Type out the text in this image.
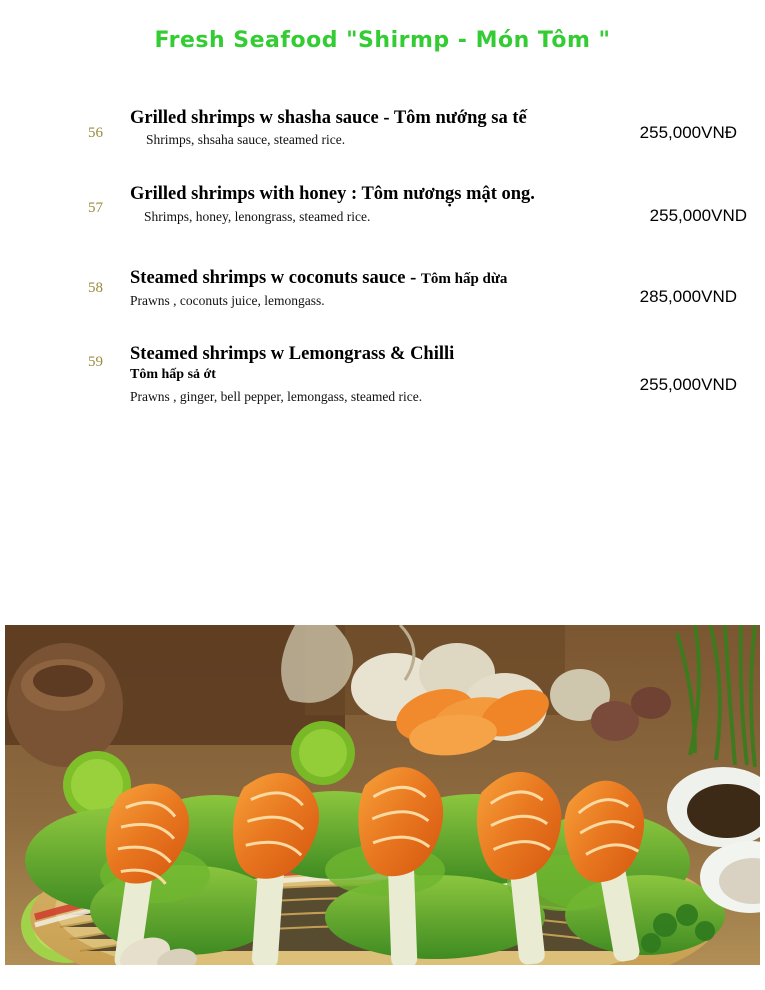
Fresh Seafood "Shirmp - Món Tôm "
56
Grilled shrimps w shasha sauce - Tôm nướng sa tế
Shrimps, shsaha sauce, steamed rice.	255,000VNĐ
57
Grilled shrimps with honey : Tôm nương̣s mật ong.
Shrimps, honey, lenongrass, steamed rice.	255,000VND
58 Steamed shrimps w coconuts sauce - Tôm hấp dừa
Prawns , coconuts juice, lemongass.	285,000VND
59 Steamed shrimps w Lemongrass & Chilli
Tôm hấp sả ớt
Prawns , ginger, bell pepper, lemongass, steamed rice.
255,000VND
